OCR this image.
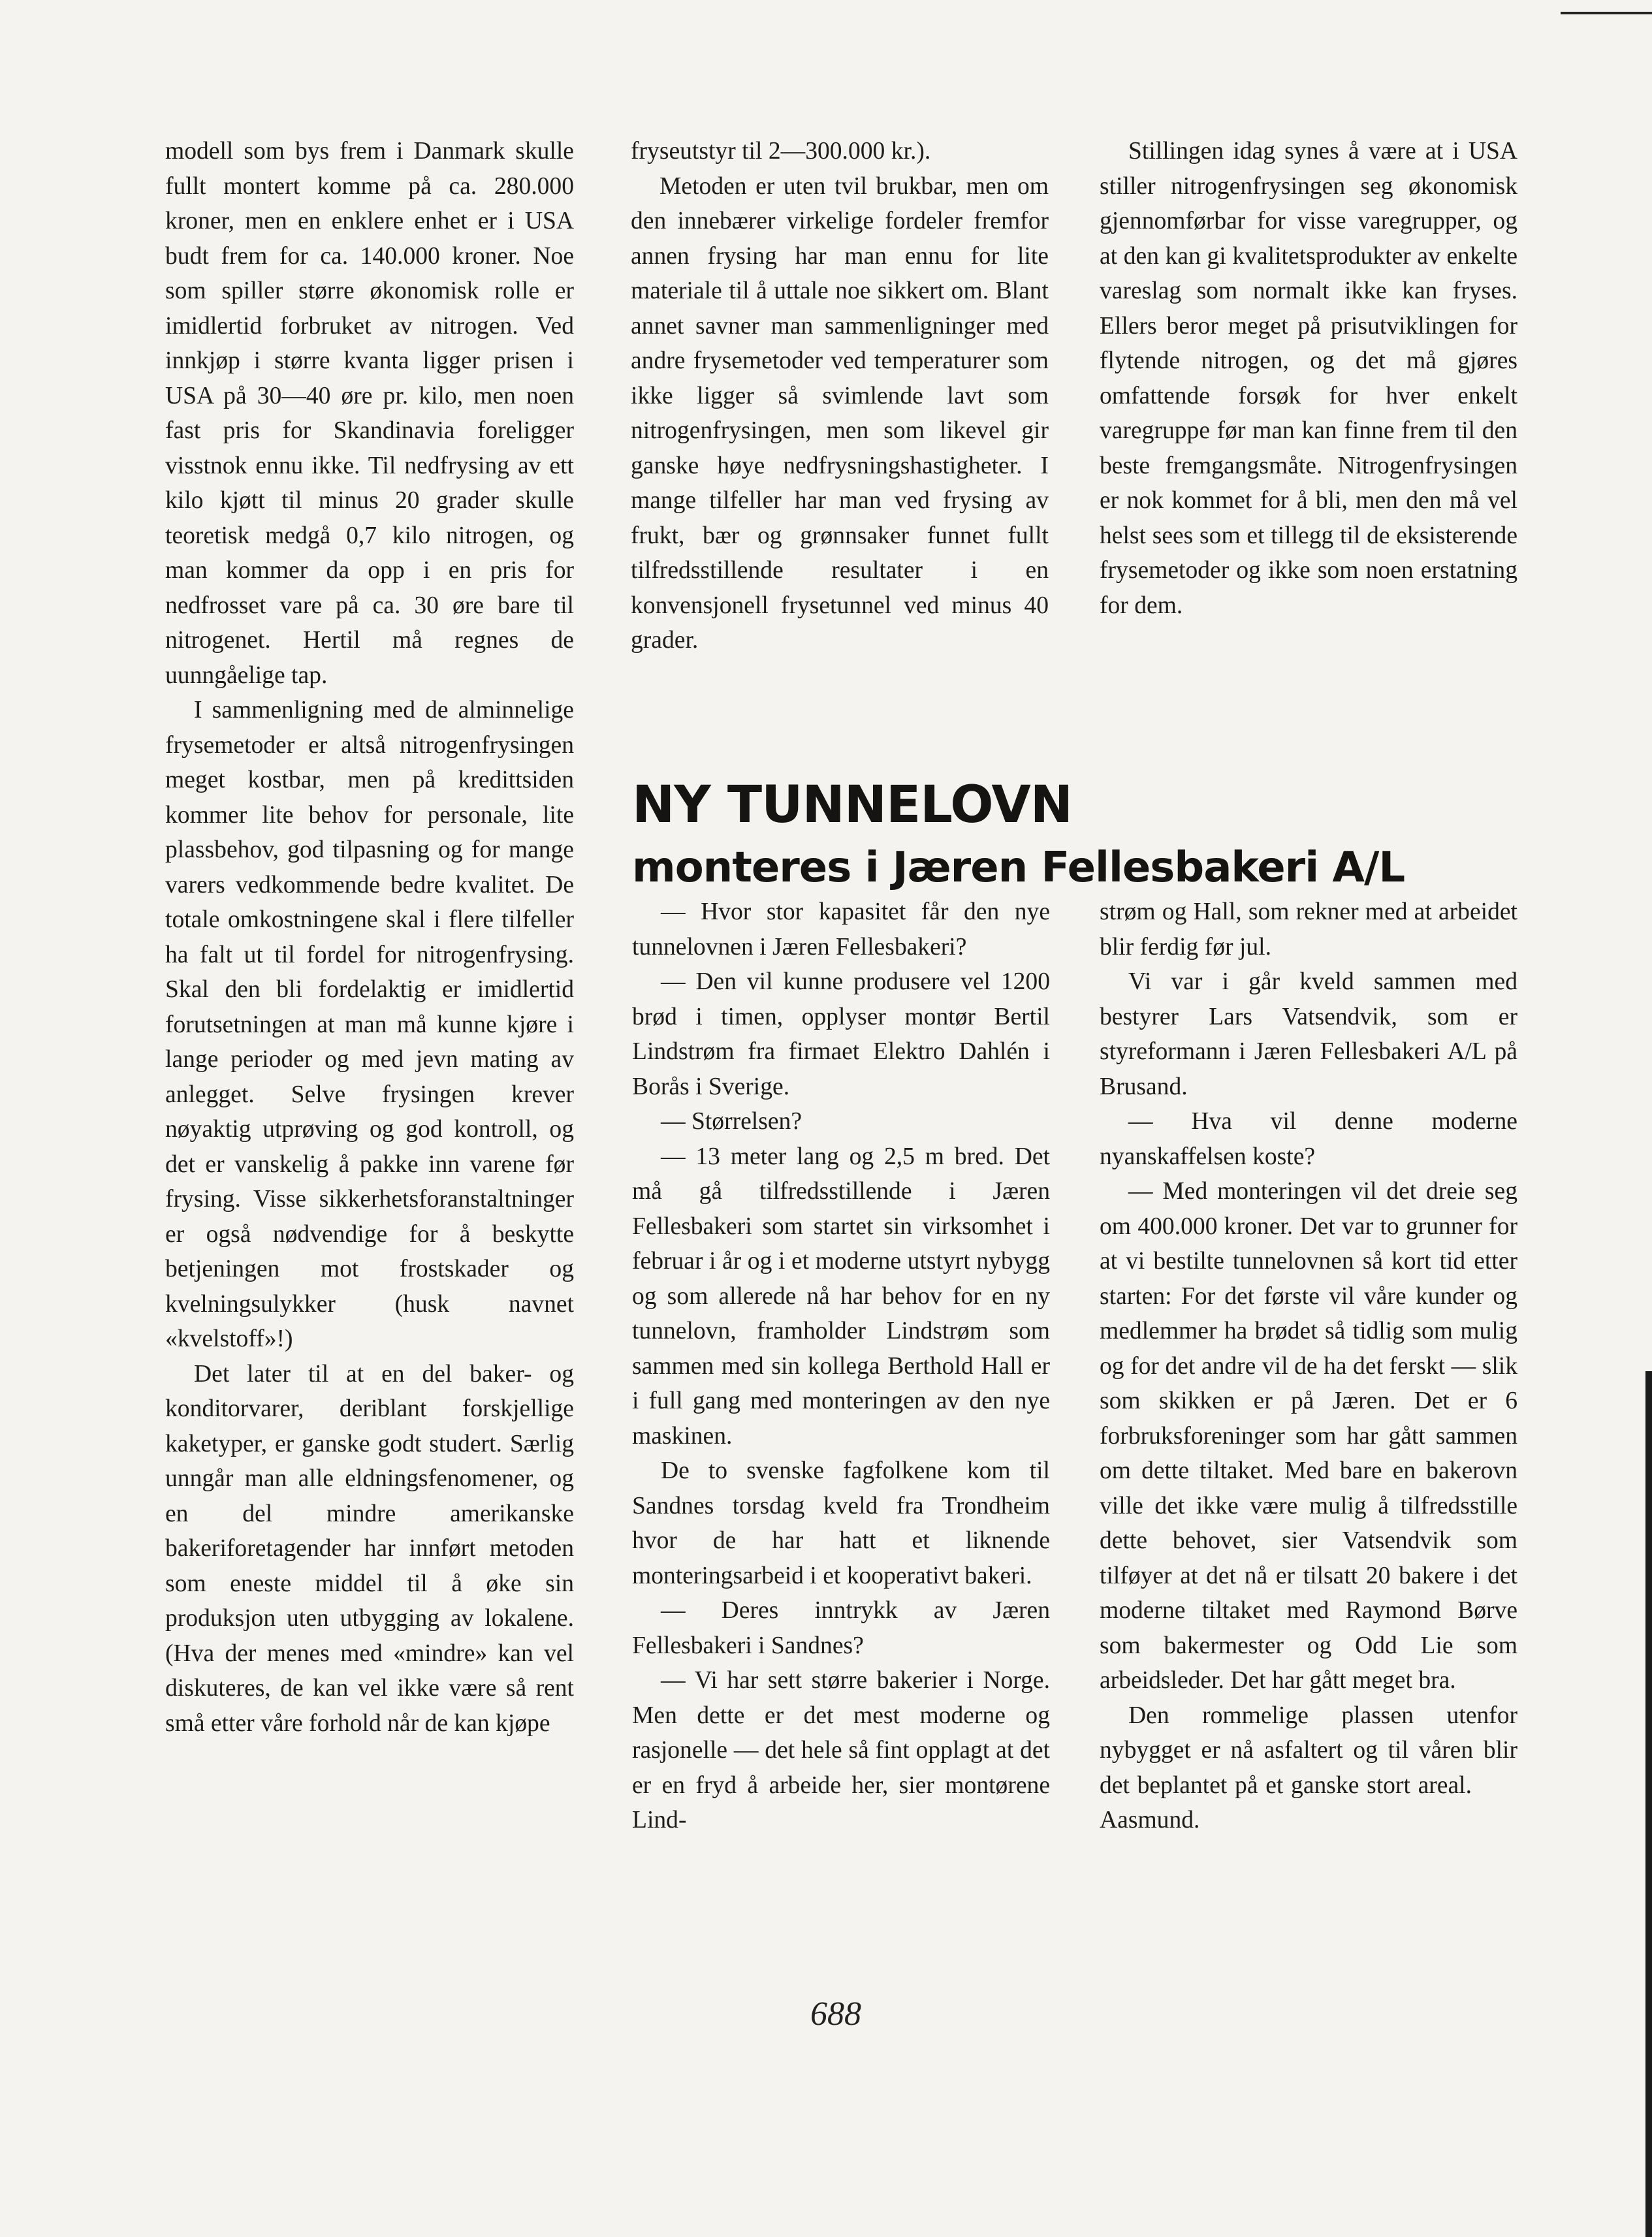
modell som bys frem i Danmark skulle fullt montert komme på ca. 280.000 kroner, men en enklere enhet er i USA budt frem for ca. 140.000 kroner. Noe som spiller større økonomisk rolle er imidlertid forbruket av nitrogen. Ved innkjøp i større kvanta ligger prisen i USA på 30—40 øre pr. kilo, men noen fast pris for Skandinavia foreligger visstnok ennu ikke. Til nedfrysing av ett kilo kjøtt til minus 20 grader skulle teoretisk medgå 0,7 kilo nitrogen, og man kommer da opp i en pris for nedfrosset vare på ca. 30 øre bare til nitrogenet. Hertil må regnes de uunngåelige tap.

I sammenligning med de alminnelige frysemetoder er altså nitrogenfrysingen meget kostbar, men på kredittsiden kommer lite behov for personale, lite plassbehov, god tilpasning og for mange varers vedkommende bedre kvalitet. De totale omkostningene skal i flere tilfeller ha falt ut til fordel for nitrogenfrysing. Skal den bli fordelaktig er imidlertid forutsetningen at man må kunne kjøre i lange perioder og med jevn mating av anlegget. Selve frysingen krever nøyaktig utprøving og god kontroll, og det er vanskelig å pakke inn varene før frysing. Visse sikkerhetsforanstaltninger er også nødvendige for å beskytte betjeningen mot frostskader og kvelningsulykker (husk navnet «kvelstoff»!)

Det later til at en del baker- og konditorvarer, deriblant forskjellige kaketyper, er ganske godt studert. Særlig unngår man alle eldningsfenomener, og en del mindre amerikanske bakeriforetagender har innført metoden som eneste middel til å øke sin produksjon uten utbygging av lokalene. (Hva der menes med «mindre» kan vel diskuteres, de kan vel ikke være så rent små etter våre forhold når de kan kjøpe

fryseutstyr til 2—300.000 kr.).

Metoden er uten tvil brukbar, men om den innebærer virkelige fordeler fremfor annen frysing har man ennu for lite materiale til å uttale noe sikkert om. Blant annet savner man sammenligninger med andre frysemetoder ved temperaturer som ikke ligger så svimlende lavt som nitrogenfrysingen, men som likevel gir ganske høye nedfrysningshastigheter. I mange tilfeller har man ved frysing av frukt, bær og grønnsaker funnet fullt tilfredsstillende resultater i en konvensjonell frysetunnel ved minus 40 grader.

Stillingen idag synes å være at i USA stiller nitrogenfrysingen seg økonomisk gjennomførbar for visse varegrupper, og at den kan gi kvalitetsprodukter av enkelte vareslag som normalt ikke kan fryses. Ellers beror meget på prisutviklingen for flytende nitrogen, og det må gjøres omfattende forsøk for hver enkelt varegruppe før man kan finne frem til den beste fremgangsmåte. Nitrogenfrysingen er nok kommet for å bli, men den må vel helst sees som et tillegg til de eksisterende frysemetoder og ikke som noen erstatning for dem.

NY TUNNELOVN
monteres i Jæren Fellesbakeri A/L

— Hvor stor kapasitet får den nye tunnelovnen i Jæren Fellesbakeri?

— Den vil kunne produsere vel 1200 brød i timen, opplyser montør Bertil Lindstrøm fra firmaet Elektro Dahlén i Borås i Sverige.

— Størrelsen?

— 13 meter lang og 2,5 m bred. Det må gå tilfredsstillende i Jæren Fellesbakeri som startet sin virksomhet i februar i år og i et moderne utstyrt nybygg og som allerede nå har behov for en ny tunnelovn, framholder Lindstrøm som sammen med sin kollega Berthold Hall er i full gang med monteringen av den nye maskinen.

De to svenske fagfolkene kom til Sandnes torsdag kveld fra Trondheim hvor de har hatt et liknende monteringsarbeid i et kooperativt bakeri.

— Deres inntrykk av Jæren Fellesbakeri i Sandnes?

— Vi har sett større bakerier i Norge. Men dette er det mest moderne og rasjonelle — det hele så fint opplagt at det er en fryd å arbeide her, sier montørene Lind-

strøm og Hall, som rekner med at arbeidet blir ferdig før jul.

Vi var i går kveld sammen med bestyrer Lars Vatsendvik, som er styreformann i Jæren Fellesbakeri A/L på Brusand.

— Hva vil denne moderne nyanskaffelsen koste?

— Med monteringen vil det dreie seg om 400.000 kroner. Det var to grunner for at vi bestilte tunnelovnen så kort tid etter starten: For det første vil våre kunder og medlemmer ha brødet så tidlig som mulig og for det andre vil de ha det ferskt — slik som skikken er på Jæren. Det er 6 forbruksforeninger som har gått sammen om dette tiltaket. Med bare en bakerovn ville det ikke være mulig å tilfredsstille dette behovet, sier Vatsendvik som tilføyer at det nå er tilsatt 20 bakere i det moderne tiltaket med Raymond Børve som bakermester og Odd Lie som arbeidsleder. Det har gått meget bra.

Den rommelige plassen utenfor nybygget er nå asfaltert og til våren blir det beplantet på et ganske stort areal.Aasmund.

688
